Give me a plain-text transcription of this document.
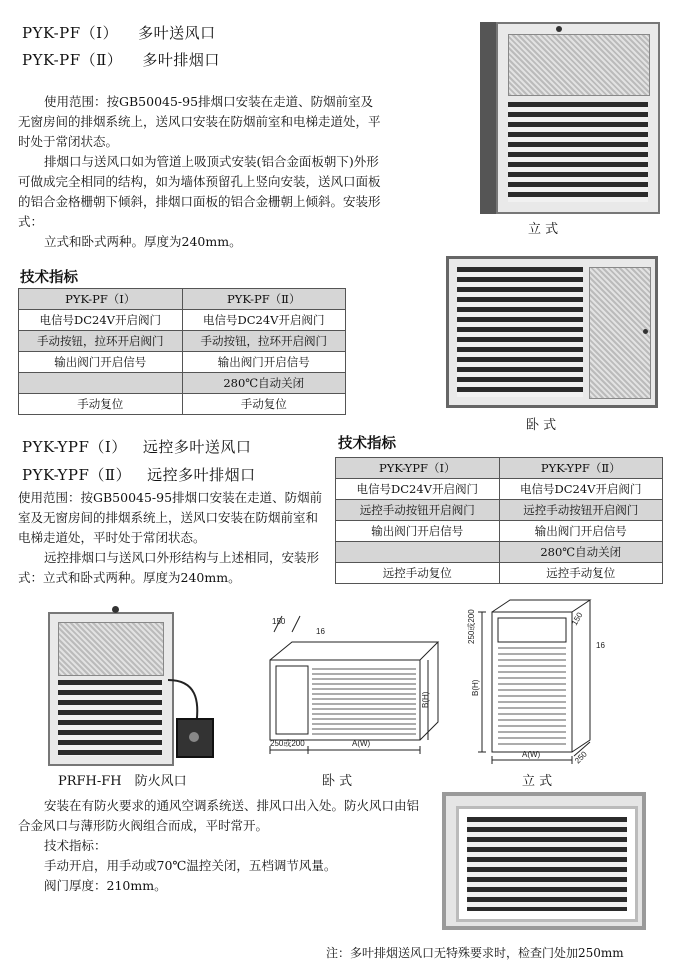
PYK-PF（Ⅰ） 多叶送风口
PYK-PF（Ⅱ） 多叶排烟口
使用范围：按GB50045-95排烟口安装在走道、防烟前室及无窗房间的排烟系统上，送风口安装在防烟前室和电梯走道处，平时处于常闭状态。
排烟口与送风口如为管道上吸顶式安装(铝合金面板朝下)外形可做成完全相同的结构，如为墙体预留孔上竖向安装，送风口面板的铝合金格栅朝下倾斜，排烟口面板的铝合金栅朝上倾斜。安装形式：
立式和卧式两种。厚度为240mm。
技术指标
PYK-PF（Ⅰ）	PYK-PF（Ⅱ）
电信号DC24V开启阀门	电信号DC24V开启阀门
手动按钮，拉环开启阀门	手动按钮，拉环开启阀门
输出阀门开启信号	输出阀门开启信号
	280℃自动关闭
手动复位	手动复位
立 式
卧 式
PYK-YPF（Ⅰ） 远控多叶送风口
PYK-YPF（Ⅱ） 远控多叶排烟口
使用范围：按GB50045-95排烟口安装在走道、防烟前室及无窗房间的排烟系统上，送风口安装在防烟前室和电梯走道处，平时处于常闭状态。
远控排烟口与送风口外形结构与上述相同，安装形式：立式和卧式两种。厚度为240mm。
技术指标
PYK-YPF（Ⅰ）	PYK-YPF（Ⅱ）
电信号DC24V开启阀门	电信号DC24V开启阀门
远控手动按钮开启阀门	远控手动按钮开启阀门
输出阀门开启信号	输出阀门开启信号
	280℃自动关闭
远控手动复位	远控手动复位
PRFH-FH　防火风口
150
16
B(H)
250或200	A(W)
卧 式
150
250或200
16
B(H)
A(W)	250
立 式
安装在有防火要求的通风空调系统送、排风口出入处。防火风口由铝合金风口与薄形防火阀组合而成，平时常开。
技术指标：
手动开启，用手动或70℃温控关闭，五档调节风量。
阀门厚度：210mm。
注：多叶排烟送风口无特殊要求时，检查门处加250mm
